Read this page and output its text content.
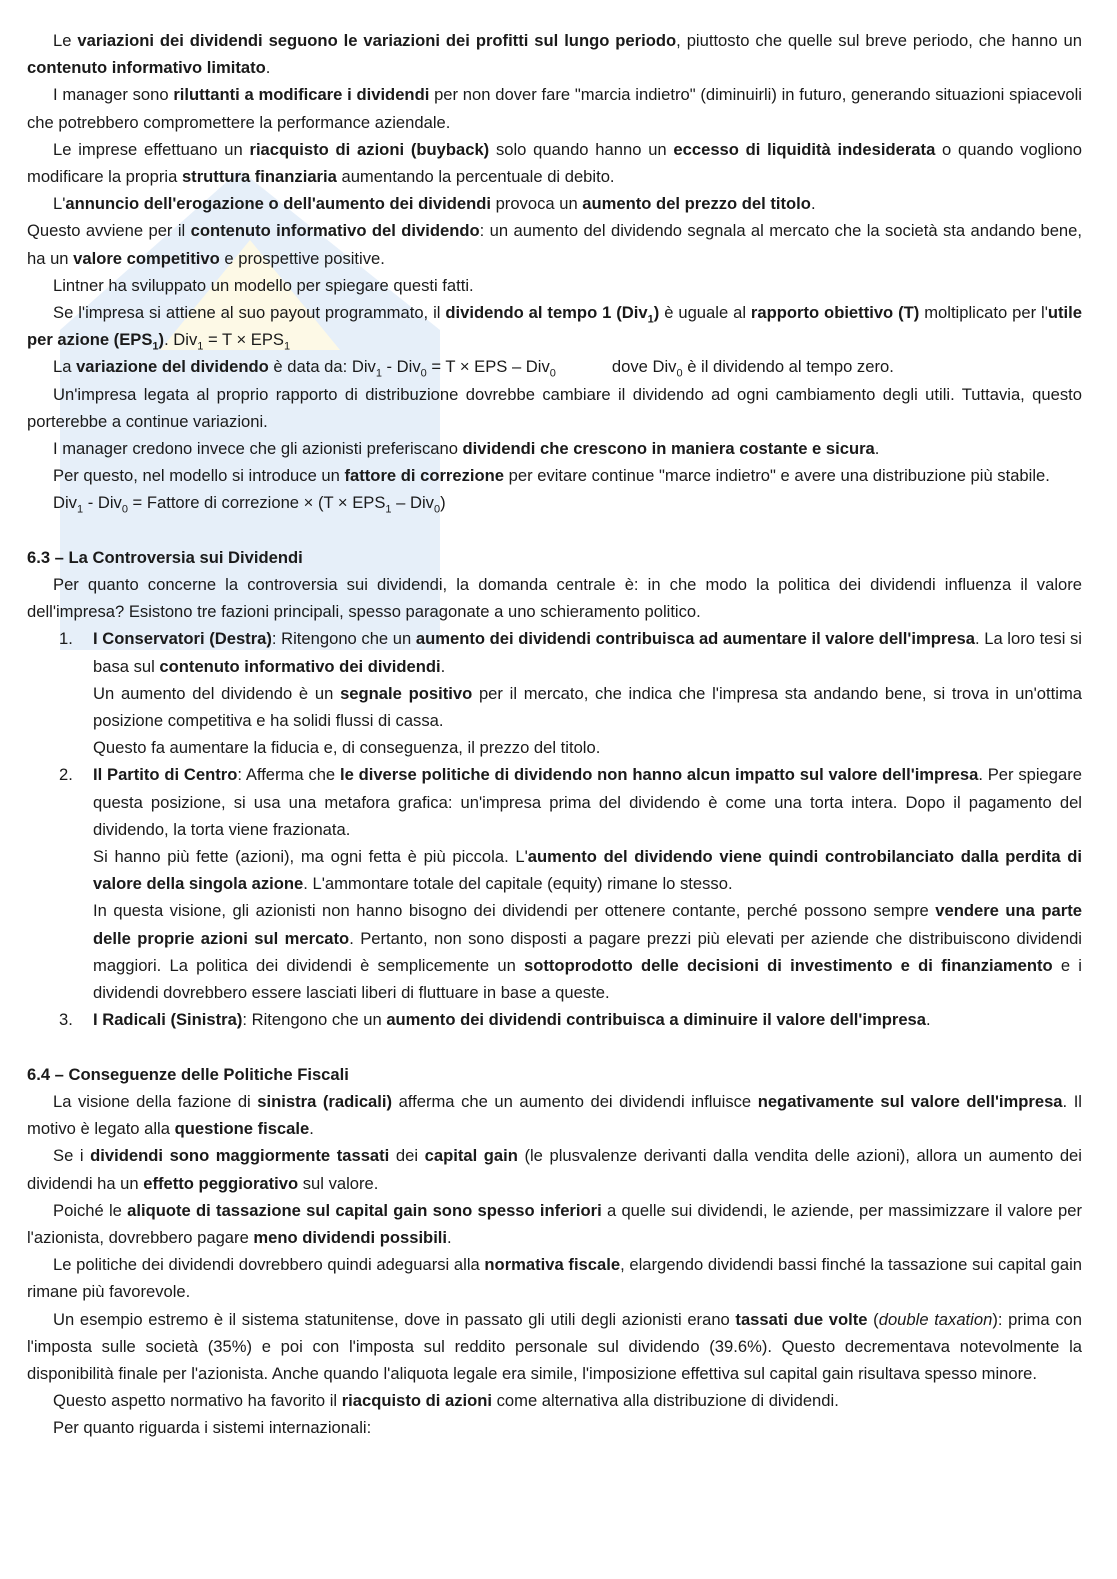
Le variazioni dei dividendi seguono le variazioni dei profitti sul lungo periodo, piuttosto che quelle sul breve periodo, che hanno un contenuto informativo limitato.
I manager sono riluttanti a modificare i dividendi per non dover fare "marcia indietro" (diminuirli) in futuro, generando situazioni spiacevoli che potrebbero compromettere la performance aziendale.
Le imprese effettuano un riacquisto di azioni (buyback) solo quando hanno un eccesso di liquidità indesiderata o quando vogliono modificare la propria struttura finanziaria aumentando la percentuale di debito.
L'annuncio dell'erogazione o dell'aumento dei dividendi provoca un aumento del prezzo del titolo.
Questo avviene per il contenuto informativo del dividendo: un aumento del dividendo segnala al mercato che la società sta andando bene, ha un valore competitivo e prospettive positive.
Lintner ha sviluppato un modello per spiegare questi fatti.
Se l'impresa si attiene al suo payout programmato, il dividendo al tempo 1 (Div$_1$) è uguale al rapporto obiettivo (T) moltiplicato per l'utile per azione $(EPS_1)$. $Div_1 = T \times EPS_1$
La variazione del dividendo è data da: Div$_1$ - Div$_0$ = T × EPS – Div$_0$	dove Div$_0$ è il dividendo al tempo zero.
Un'impresa legata al proprio rapporto di distribuzione dovrebbe cambiare il dividendo ad ogni cambiamento degli utili. Tuttavia, questo porterebbe a continue variazioni.
I manager credono invece che gli azionisti preferiscano dividendi che crescono in maniera costante e sicura.
Per questo, nel modello si introduce un fattore di correzione per evitare continue "marce indietro" e avere una distribuzione più stabile.
Div$_1$ - Div$_0$ = Fattore di correzione × $(T \times EPS_1 - Div_0)$
6.3 – La Controversia sui Dividendi
Per quanto concerne la controversia sui dividendi, la domanda centrale è: in che modo la politica dei dividendi influenza il valore dell'impresa? Esistono tre fazioni principali, spesso paragonate a uno schieramento politico.
1. I Conservatori (Destra): Ritengono che un aumento dei dividendi contribuisca ad aumentare il valore dell'impresa. La loro tesi si basa sul contenuto informativo dei dividendi.
Un aumento del dividendo è un segnale positivo per il mercato, che indica che l'impresa sta andando bene, si trova in un'ottima posizione competitiva e ha solidi flussi di cassa.
Questo fa aumentare la fiducia e, di conseguenza, il prezzo del titolo.
2. Il Partito di Centro: Afferma che le diverse politiche di dividendo non hanno alcun impatto sul valore dell'impresa. Per spiegare questa posizione, si usa una metafora grafica: un'impresa prima del dividendo è come una torta intera. Dopo il pagamento del dividendo, la torta viene frazionata.
Si hanno più fette (azioni), ma ogni fetta è più piccola. L'aumento del dividendo viene quindi controbilanciato dalla perdita di valore della singola azione. L'ammontare totale del capitale (equity) rimane lo stesso.
In questa visione, gli azionisti non hanno bisogno dei dividendi per ottenere contante, perché possono sempre vendere una parte delle proprie azioni sul mercato. Pertanto, non sono disposti a pagare prezzi più elevati per aziende che distribuiscono dividendi maggiori. La politica dei dividendi è semplicemente un sottoprodotto delle decisioni di investimento e di finanziamento e i dividendi dovrebbero essere lasciati liberi di fluttuare in base a queste.
3. I Radicali (Sinistra): Ritengono che un aumento dei dividendi contribuisca a diminuire il valore dell'impresa.
6.4 – Conseguenze delle Politiche Fiscali
La visione della fazione di sinistra (radicali) afferma che un aumento dei dividendi influisce negativamente sul valore dell'impresa. Il motivo è legato alla questione fiscale.
Se i dividendi sono maggiormente tassati dei capital gain (le plusvalenze derivanti dalla vendita delle azioni), allora un aumento dei dividendi ha un effetto peggiorativo sul valore.
Poiché le aliquote di tassazione sul capital gain sono spesso inferiori a quelle sui dividendi, le aziende, per massimizzare il valore per l'azionista, dovrebbero pagare meno dividendi possibili.
Le politiche dei dividendi dovrebbero quindi adeguarsi alla normativa fiscale, elargendo dividendi bassi finché la tassazione sui capital gain rimane più favorevole.
Un esempio estremo è il sistema statunitense, dove in passato gli utili degli azionisti erano tassati due volte (double taxation): prima con l'imposta sulle società (35%) e poi con l'imposta sul reddito personale sul dividendo (39.6%). Questo decrementava notevolmente la disponibilità finale per l'azionista. Anche quando l'aliquota legale era simile, l'imposizione effettiva sul capital gain risultava spesso minore.
Questo aspetto normativo ha favorito il riacquisto di azioni come alternativa alla distribuzione di dividendi.
Per quanto riguarda i sistemi internazionali:
